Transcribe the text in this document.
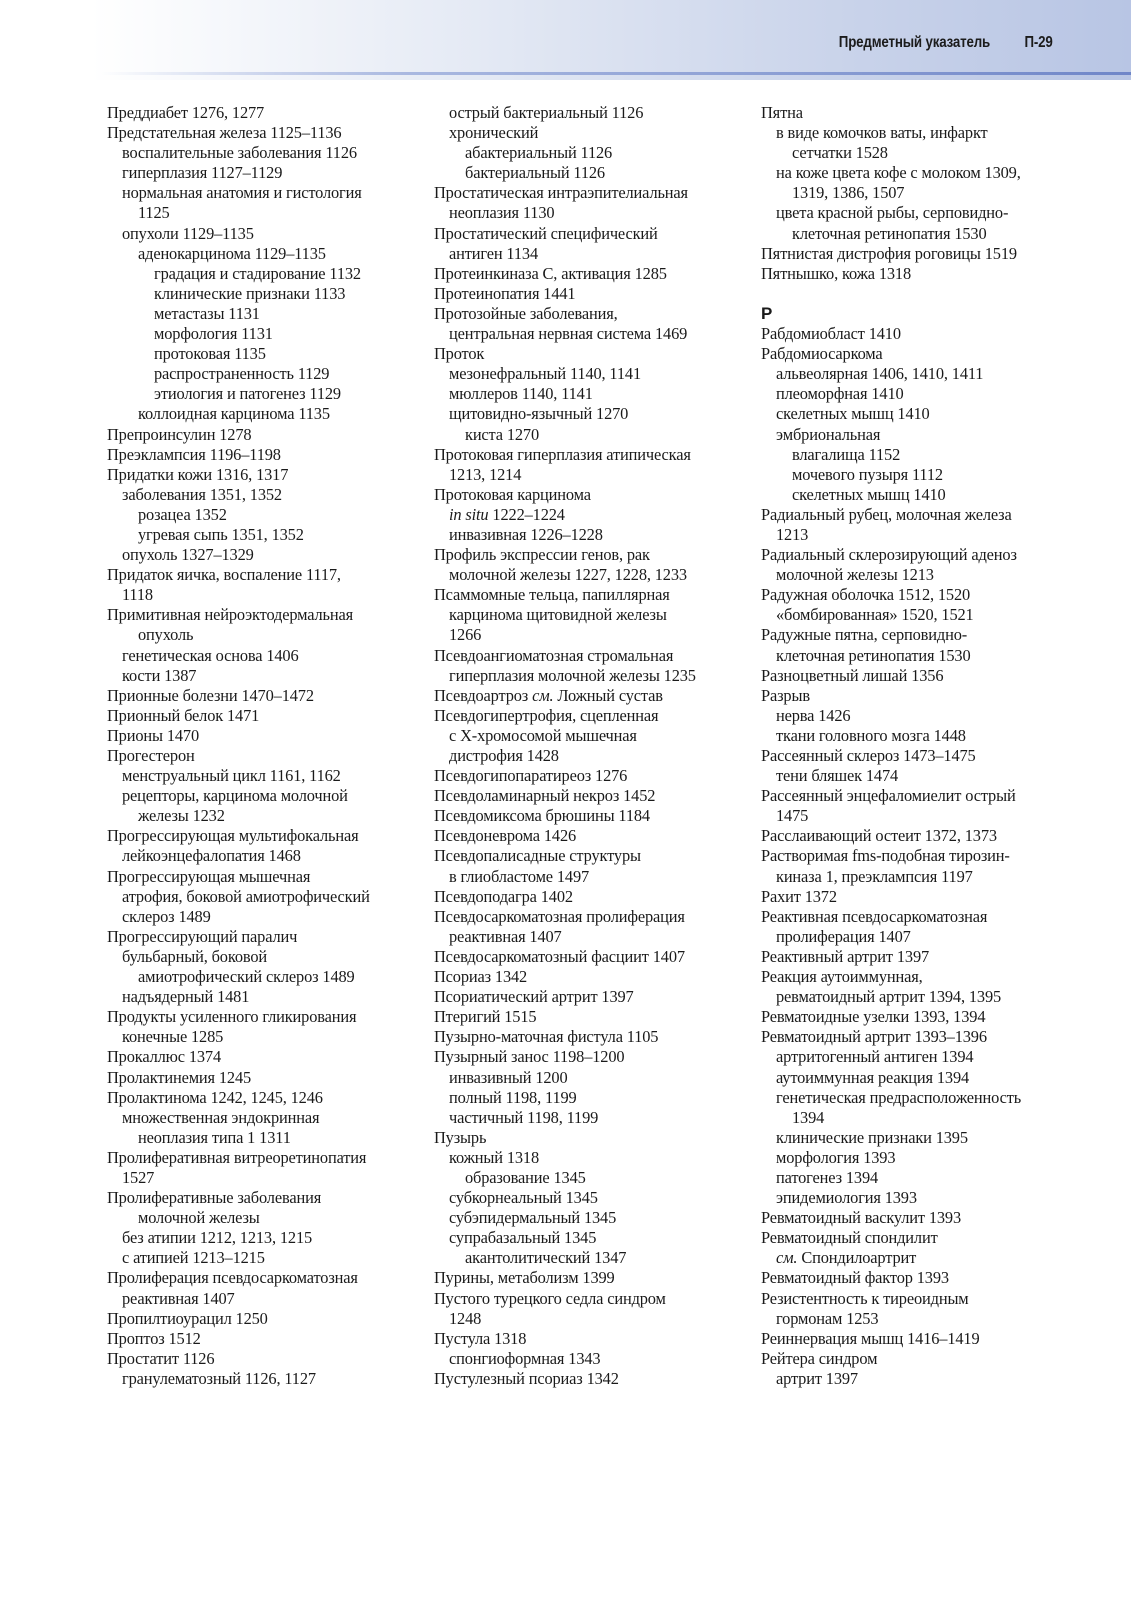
Предметный указатель П-29
Преддиабет 1276, 1277
Предстательная железа 1125–1136
воспалительные заболевания 1126
гиперплазия 1127–1129
нормальная анатомия и гистология
1125
опухоли 1129–1135
аденокарцинома 1129–1135
градация и стадирование 1132
клинические признаки 1133
метастазы 1131
морфология 1131
протоковая 1135
распространенность 1129
этиология и патогенез 1129
коллоидная карцинома 1135
Препроинсулин 1278
Преэклампсия 1196–1198
Придатки кожи 1316, 1317
заболевания 1351, 1352
розацеа 1352
угревая сыпь 1351, 1352
опухоль 1327–1329
Придаток яичка, воспаление 1117,
1118
Примитивная нейроэктодермальная
опухоль
генетическая основа 1406
кости 1387
Прионные болезни 1470–1472
Прионный белок 1471
Прионы 1470
Прогестерон
менструальный цикл 1161, 1162
рецепторы, карцинома молочной
железы 1232
Прогрессирующая мультифокальная
лейкоэнцефалопатия 1468
Прогрессирующая мышечная
атрофия, боковой амиотрофический
склероз 1489
Прогрессирующий паралич
бульбарный, боковой
амиотрофический склероз 1489
надъядерный 1481
Продукты усиленного гликирования
конечные 1285
Прокаллюс 1374
Пролактинемия 1245
Пролактинома 1242, 1245, 1246
множественная эндокринная
неоплазия типа 1 1311
Пролиферативная витреоретинопатия
1527
Пролиферативные заболевания
молочной железы
без атипии 1212, 1213, 1215
с атипией 1213–1215
Пролиферация псевдосаркоматозная
реактивная 1407
Пропилтиоурацил 1250
Проптоз 1512
Простатит 1126
гранулематозный 1126, 1127
острый бактериальный 1126
хронический
абактериальный 1126
бактериальный 1126
Простатическая интраэпителиальная
неоплазия 1130
Простатический специфический
антиген 1134
Протеинкиназа C, активация 1285
Протеинопатия 1441
Протозойные заболевания,
центральная нервная система 1469
Проток
мезонефральный 1140, 1141
мюллеров 1140, 1141
щитовидно-язычный 1270
киста 1270
Протоковая гиперплазия атипическая
1213, 1214
Протоковая карцинома
in situ 1222–1224
инвазивная 1226–1228
Профиль экспрессии генов, рак
молочной железы 1227, 1228, 1233
Псаммомные тельца, папиллярная
карцинома щитовидной железы
1266
Псевдоангиоматозная стромальная
гиперплазия молочной железы 1235
Псевдоартроз см. Ложный сустав
Псевдогипертрофия, сцепленная
с X-хромосомой мышечная
дистрофия 1428
Псевдогипопаратиреоз 1276
Псевдоламинарный некроз 1452
Псевдомиксома брюшины 1184
Псевдоневрома 1426
Псевдопалисадные структуры
в глиобластоме 1497
Псевдоподагра 1402
Псевдосаркоматозная пролиферация
реактивная 1407
Псевдосаркоматозный фасциит 1407
Псориаз 1342
Псориатический артрит 1397
Птеригий 1515
Пузырно-маточная фистула 1105
Пузырный занос 1198–1200
инвазивный 1200
полный 1198, 1199
частичный 1198, 1199
Пузырь
кожный 1318
образование 1345
субкорнеальный 1345
субэпидермальный 1345
супрабазальный 1345
акантолитический 1347
Пурины, метаболизм 1399
Пустого турецкого седла синдром
1248
Пустула 1318
спонгиоформная 1343
Пустулезный псориаз 1342
Пятна
в виде комочков ваты, инфаркт
сетчатки 1528
на коже цвета кофе с молоком 1309,
1319, 1386, 1507
цвета красной рыбы, серповидно-
клеточная ретинопатия 1530
Пятнистая дистрофия роговицы 1519
Пятнышко, кожа 1318
Р
Рабдомиобласт 1410
Рабдомиосаркома
альвеолярная 1406, 1410, 1411
плеоморфная 1410
скелетных мышц 1410
эмбриональная
влагалища 1152
мочевого пузыря 1112
скелетных мышц 1410
Радиальный рубец, молочная железа
1213
Радиальный склерозирующий аденоз
молочной железы 1213
Радужная оболочка 1512, 1520
«бомбированная» 1520, 1521
Радужные пятна, серповидно-
клеточная ретинопатия 1530
Разноцветный лишай 1356
Разрыв
нерва 1426
ткани головного мозга 1448
Рассеянный склероз 1473–1475
тени бляшек 1474
Рассеянный энцефаломиелит острый
1475
Расслаивающий остеит 1372, 1373
Растворимая fms-подобная тирозин-
киназа 1, преэклампсия 1197
Рахит 1372
Реактивная псевдосаркоматозная
пролиферация 1407
Реактивный артрит 1397
Реакция аутоиммунная,
ревматоидный артрит 1394, 1395
Ревматоидные узелки 1393, 1394
Ревматоидный артрит 1393–1396
артритогенный антиген 1394
аутоиммунная реакция 1394
генетическая предрасположенность
1394
клинические признаки 1395
морфология 1393
патогенез 1394
эпидемиология 1393
Ревматоидный васкулит 1393
Ревматоидный спондилит
см. Спондилоартрит
Ревматоидный фактор 1393
Резистентность к тиреоидным
гормонам 1253
Реиннервация мышц 1416–1419
Рейтера синдром
артрит 1397
